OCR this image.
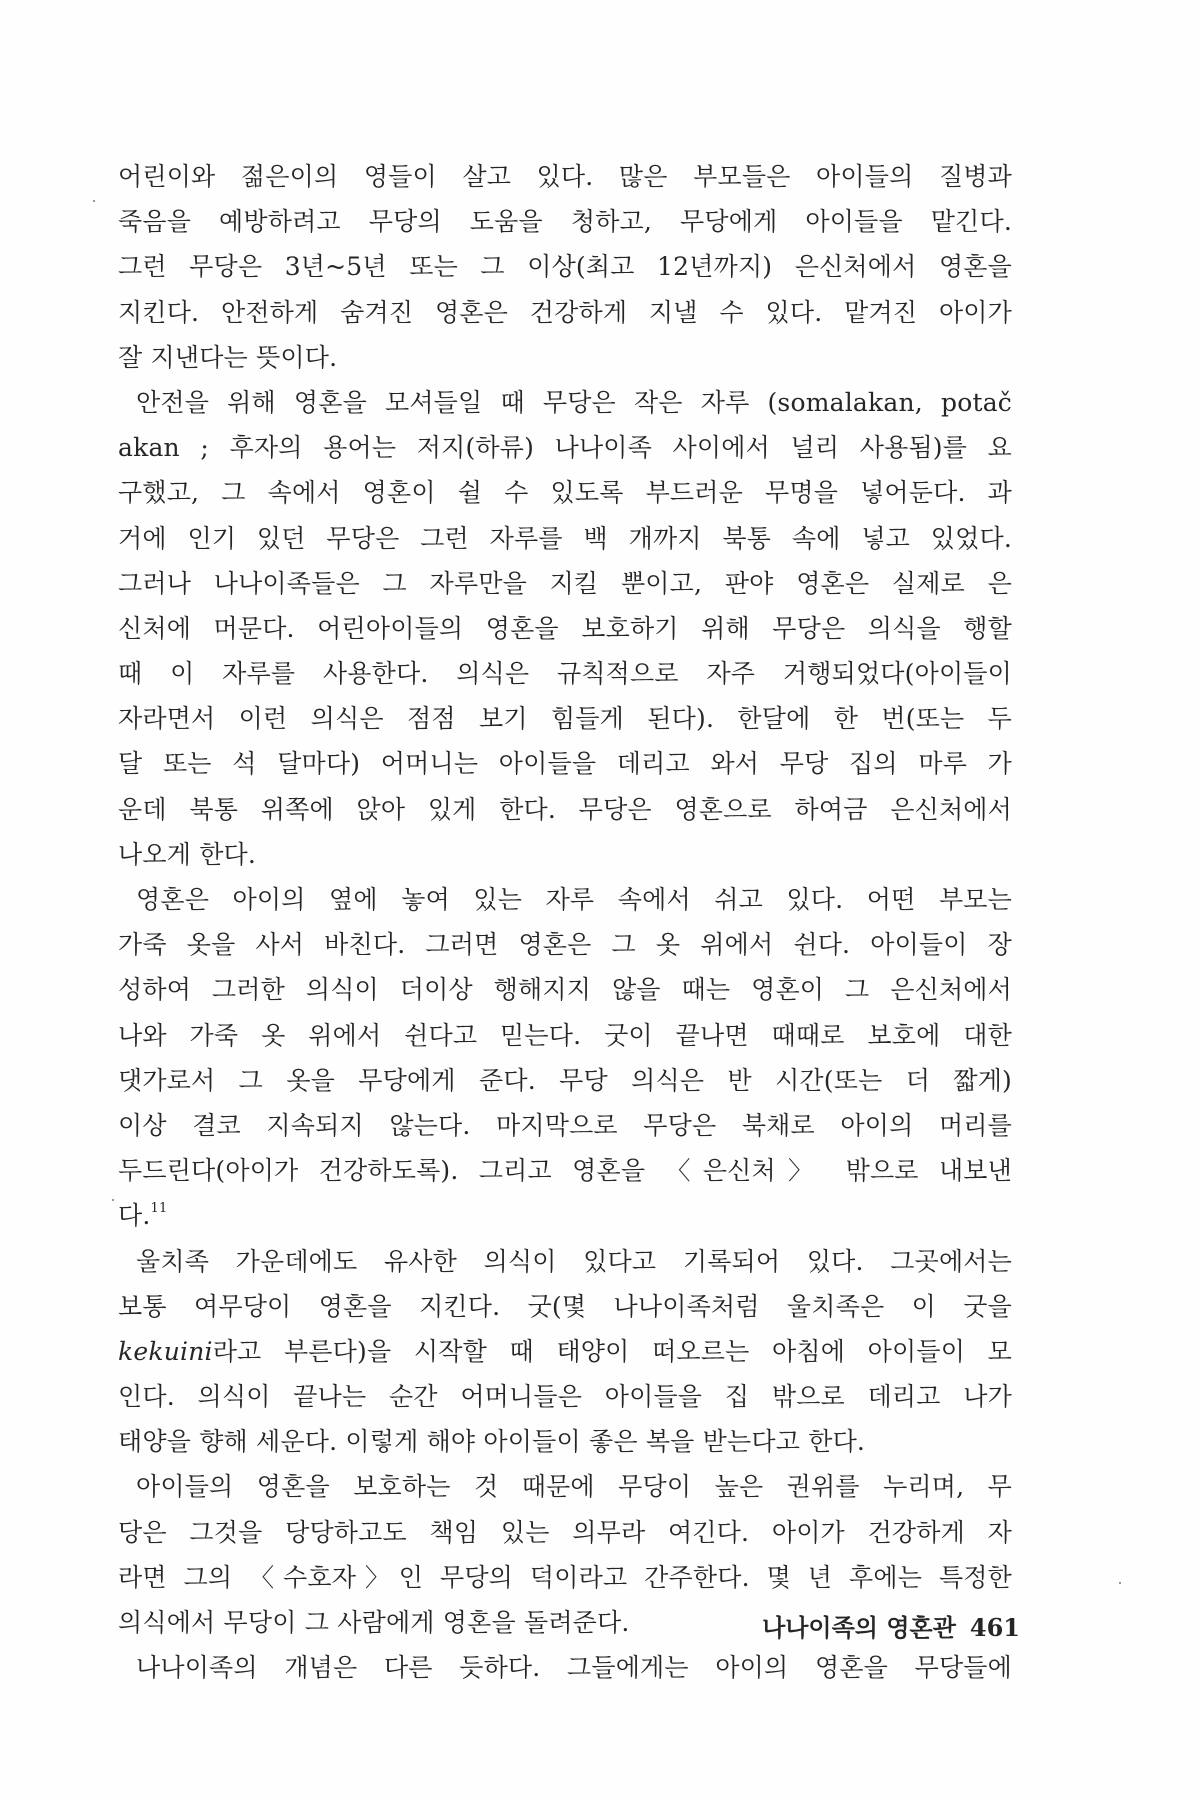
어린이와 젊은이의 영들이 살고 있다. 많은 부모들은 아이들의 질병과
죽음을 예방하려고 무당의 도움을 청하고, 무당에게 아이들을 맡긴다.
그런 무당은 3년~5년 또는 그 이상(최고 12년까지) 은신처에서 영혼을
지킨다. 안전하게 숨겨진 영혼은 건강하게 지낼 수 있다. 맡겨진 아이가
잘 지낸다는 뜻이다.
안전을 위해 영혼을 모셔들일 때 무당은 작은 자루 (somalakan, potač
akan ; 후자의 용어는 저지(하류) 나나이족 사이에서 널리 사용됨)를 요
구했고, 그 속에서 영혼이 쉴 수 있도록 부드러운 무명을 넣어둔다. 과
거에 인기 있던 무당은 그런 자루를 백 개까지 북통 속에 넣고 있었다.
그러나 나나이족들은 그 자루만을 지킬 뿐이고, 판야 영혼은 실제로 은
신처에 머문다. 어린아이들의 영혼을 보호하기 위해 무당은 의식을 행할
때 이 자루를 사용한다. 의식은 규칙적으로 자주 거행되었다(아이들이
자라면서 이런 의식은 점점 보기 힘들게 된다). 한달에 한 번(또는 두
달 또는 석 달마다) 어머니는 아이들을 데리고 와서 무당 집의 마루 가
운데 북통 위쪽에 앉아 있게 한다. 무당은 영혼으로 하여금 은신처에서
나오게 한다.
영혼은 아이의 옆에 놓여 있는 자루 속에서 쉬고 있다. 어떤 부모는
가죽 옷을 사서 바친다. 그러면 영혼은 그 옷 위에서 쉰다. 아이들이 장
성하여 그러한 의식이 더이상 행해지지 않을 때는 영혼이 그 은신처에서
나와 가죽 옷 위에서 쉰다고 믿는다. 굿이 끝나면 때때로 보호에 대한
댓가로서 그 옷을 무당에게 준다. 무당 의식은 반 시간(또는 더 짧게)
이상 결코 지속되지 않는다. 마지막으로 무당은 북채로 아이의 머리를
두드린다(아이가 건강하도록). 그리고 영혼을 〈은신처〉 밖으로 내보낸
다.$^{11}$
울치족 가운데에도 유사한 의식이 있다고 기록되어 있다. 그곳에서는
보통 여무당이 영혼을 지킨다. 굿(몇 나나이족처럼 울치족은 이 굿을
kekuini라고 부른다)을 시작할 때 태양이 떠오르는 아침에 아이들이 모
인다. 의식이 끝나는 순간 어머니들은 아이들을 집 밖으로 데리고 나가
태양을 향해 세운다. 이렇게 해야 아이들이 좋은 복을 받는다고 한다.
아이들의 영혼을 보호하는 것 때문에 무당이 높은 권위를 누리며, 무
당은 그것을 당당하고도 책임 있는 의무라 여긴다. 아이가 건강하게 자
라면 그의 〈수호자〉인 무당의 덕이라고 간주한다. 몇 년 후에는 특정한
의식에서 무당이 그 사람에게 영혼을 돌려준다.
나나이족의 개념은 다른 듯하다. 그들에게는 아이의 영혼을 무당들에
나나이족의 영혼관 461
